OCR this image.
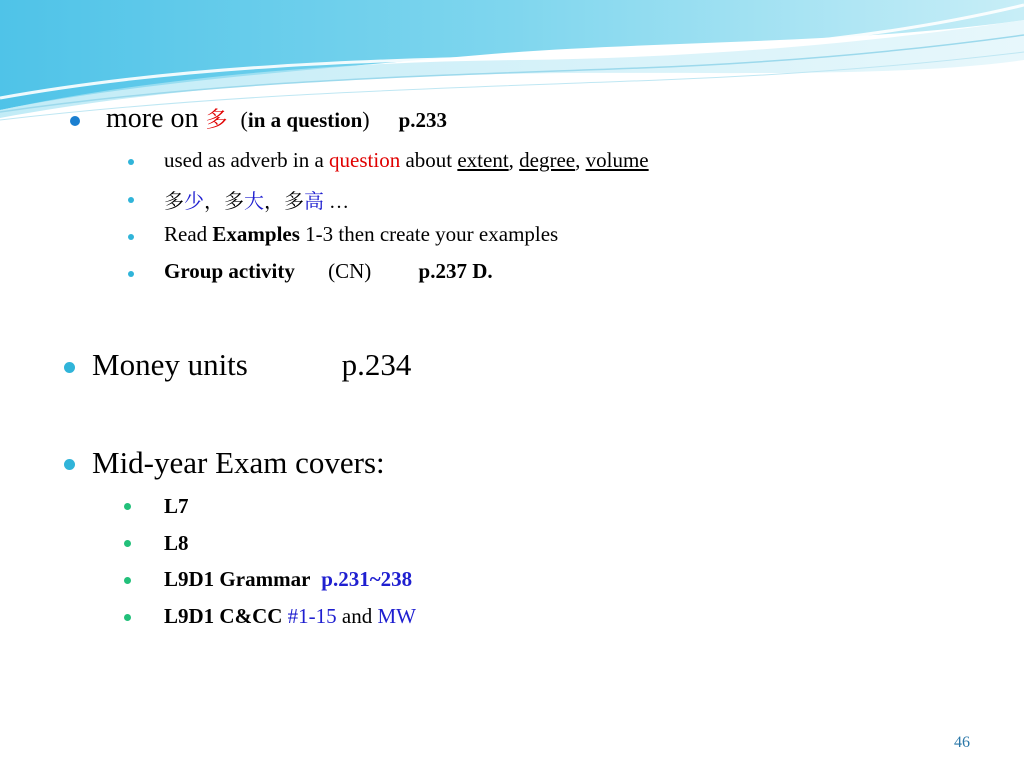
more on 多 (in a question) p.233
used as adverb in a question about extent, degree, volume
多少，多大，多高 …
Read Examples 1-3 then create your examples
Group activity (CN) p.237 D.
Money units	p.234
Mid-year Exam covers:
L7
L8
L9D1 Grammar p.231~238
L9D1 C&CC #1-15 and MW
46
